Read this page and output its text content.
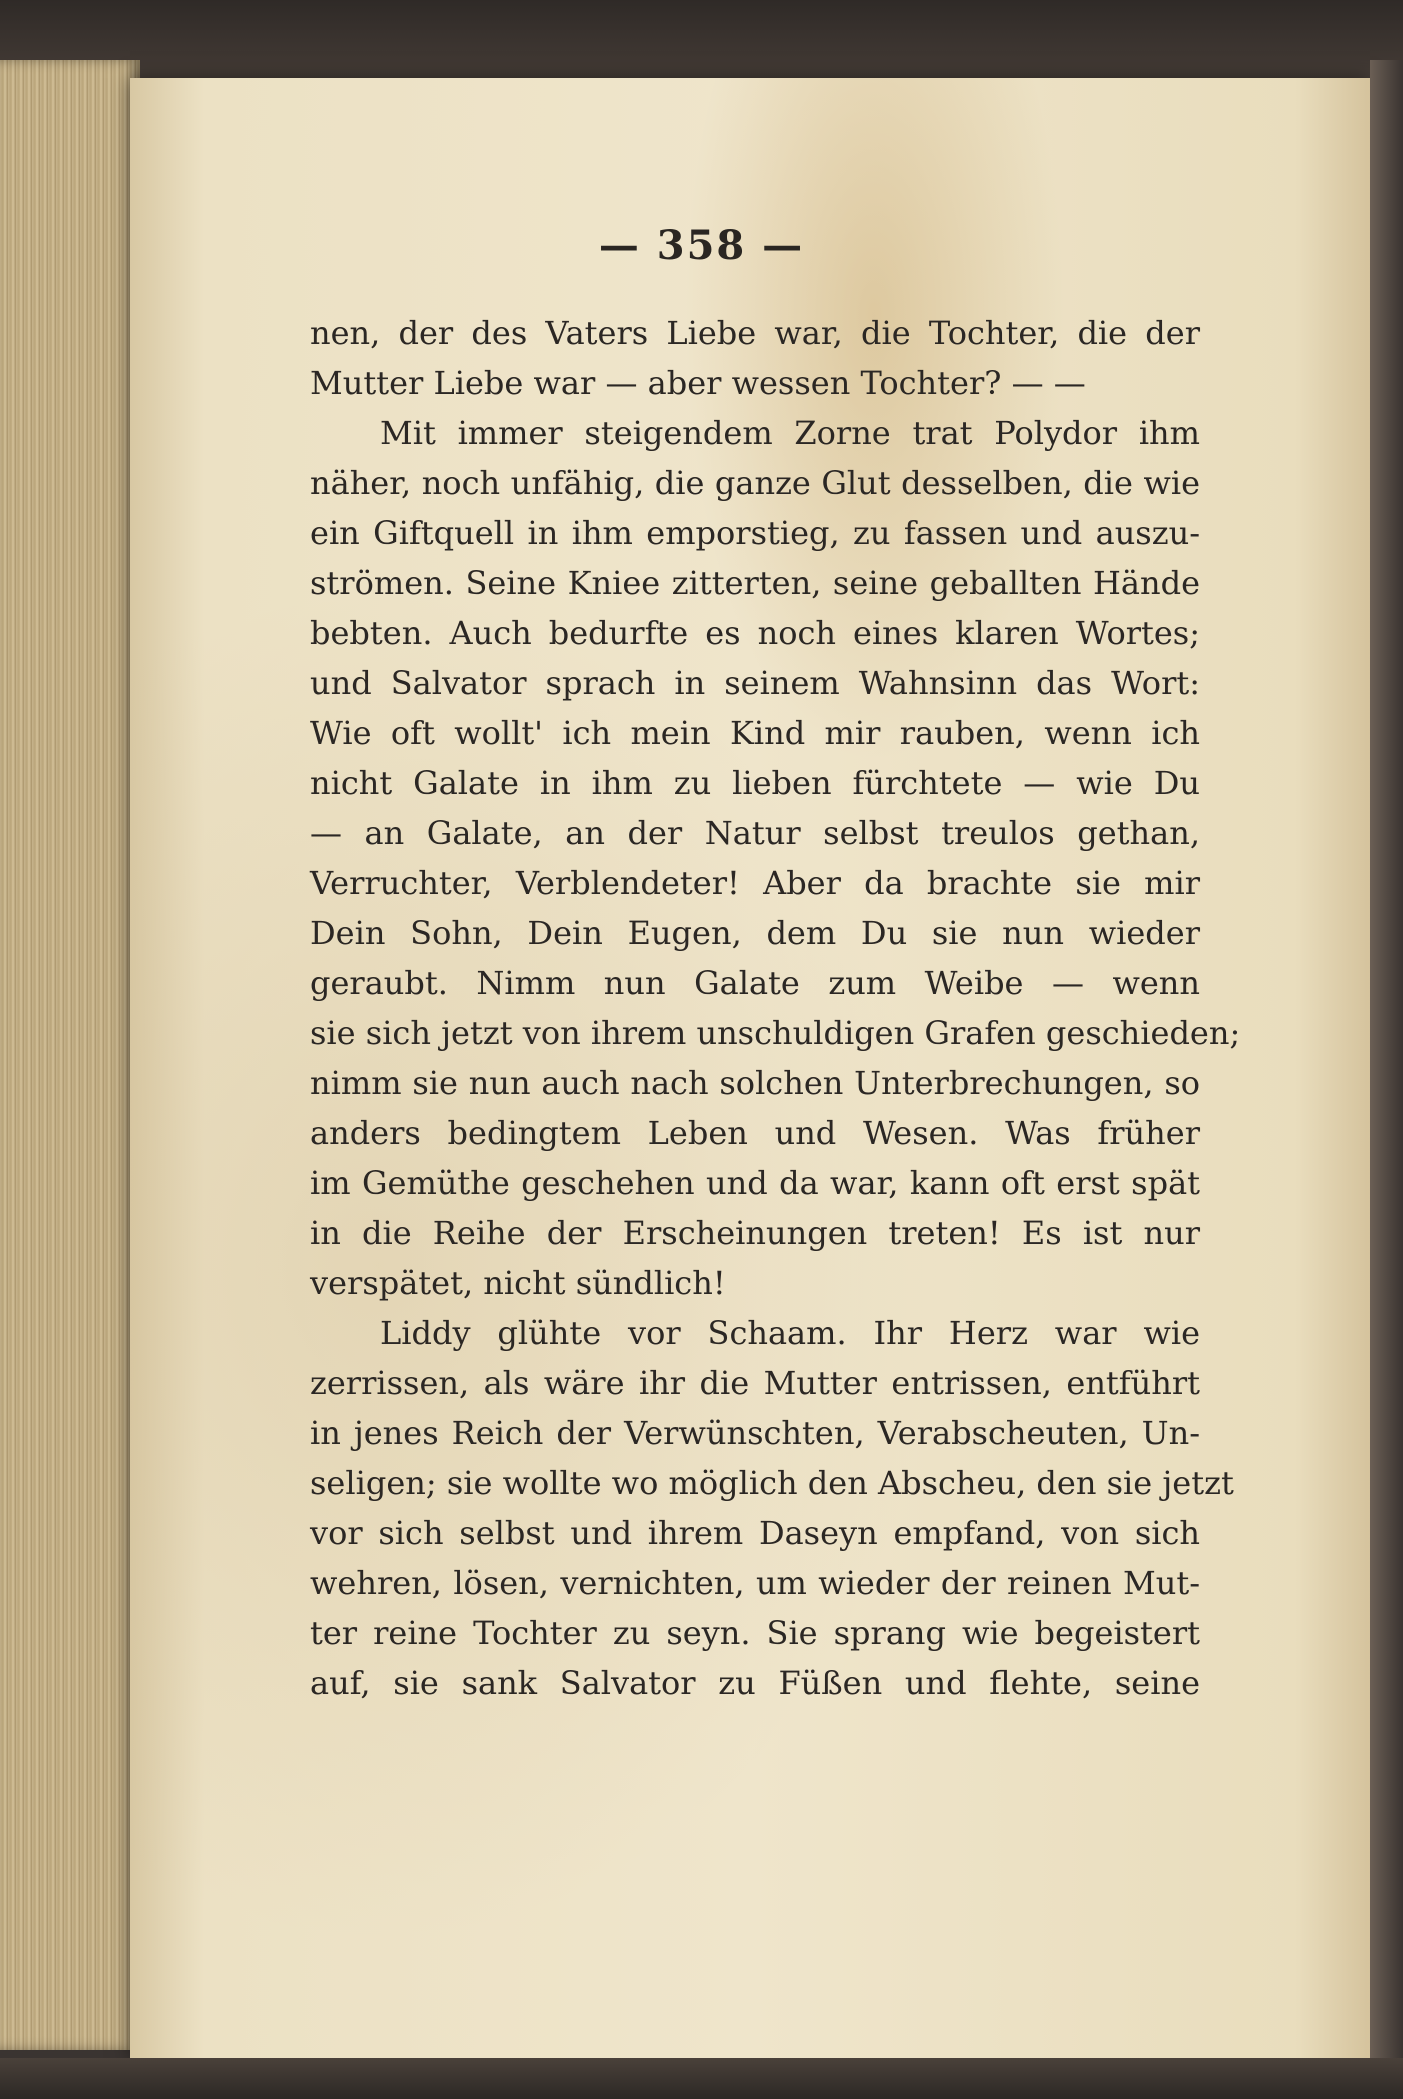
— 358 —
nen, der des Vaters Liebe war, die Tochter, die der
Mutter Liebe war — aber wessen Tochter? — —
Mit immer steigendem Zorne trat Polydor ihm
näher, noch unfähig, die ganze Glut desselben, die wie
ein Giftquell in ihm emporstieg, zu fassen und auszu-
strömen. Seine Kniee zitterten, seine geballten Hände
bebten. Auch bedurfte es noch eines klaren Wortes;
und Salvator sprach in seinem Wahnsinn das Wort:
Wie oft wollt' ich mein Kind mir rauben, wenn ich
nicht Galate in ihm zu lieben fürchtete — wie Du
— an Galate, an der Natur selbst treulos gethan,
Verruchter, Verblendeter! Aber da brachte sie mir
Dein Sohn, Dein Eugen, dem Du sie nun wieder
geraubt. Nimm nun Galate zum Weibe — wenn
sie sich jetzt von ihrem unschuldigen Grafen geschieden;
nimm sie nun auch nach solchen Unterbrechungen, so
anders bedingtem Leben und Wesen. Was früher
im Gemüthe geschehen und da war, kann oft erst spät
in die Reihe der Erscheinungen treten! Es ist nur
verspätet, nicht sündlich!
Liddy glühte vor Schaam. Ihr Herz war wie
zerrissen, als wäre ihr die Mutter entrissen, entführt
in jenes Reich der Verwünschten, Verabscheuten, Un-
seligen; sie wollte wo möglich den Abscheu, den sie jetzt
vor sich selbst und ihrem Daseyn empfand, von sich
wehren, lösen, vernichten, um wieder der reinen Mut-
ter reine Tochter zu seyn. Sie sprang wie begeistert
auf, sie sank Salvator zu Füßen und flehte, seine
